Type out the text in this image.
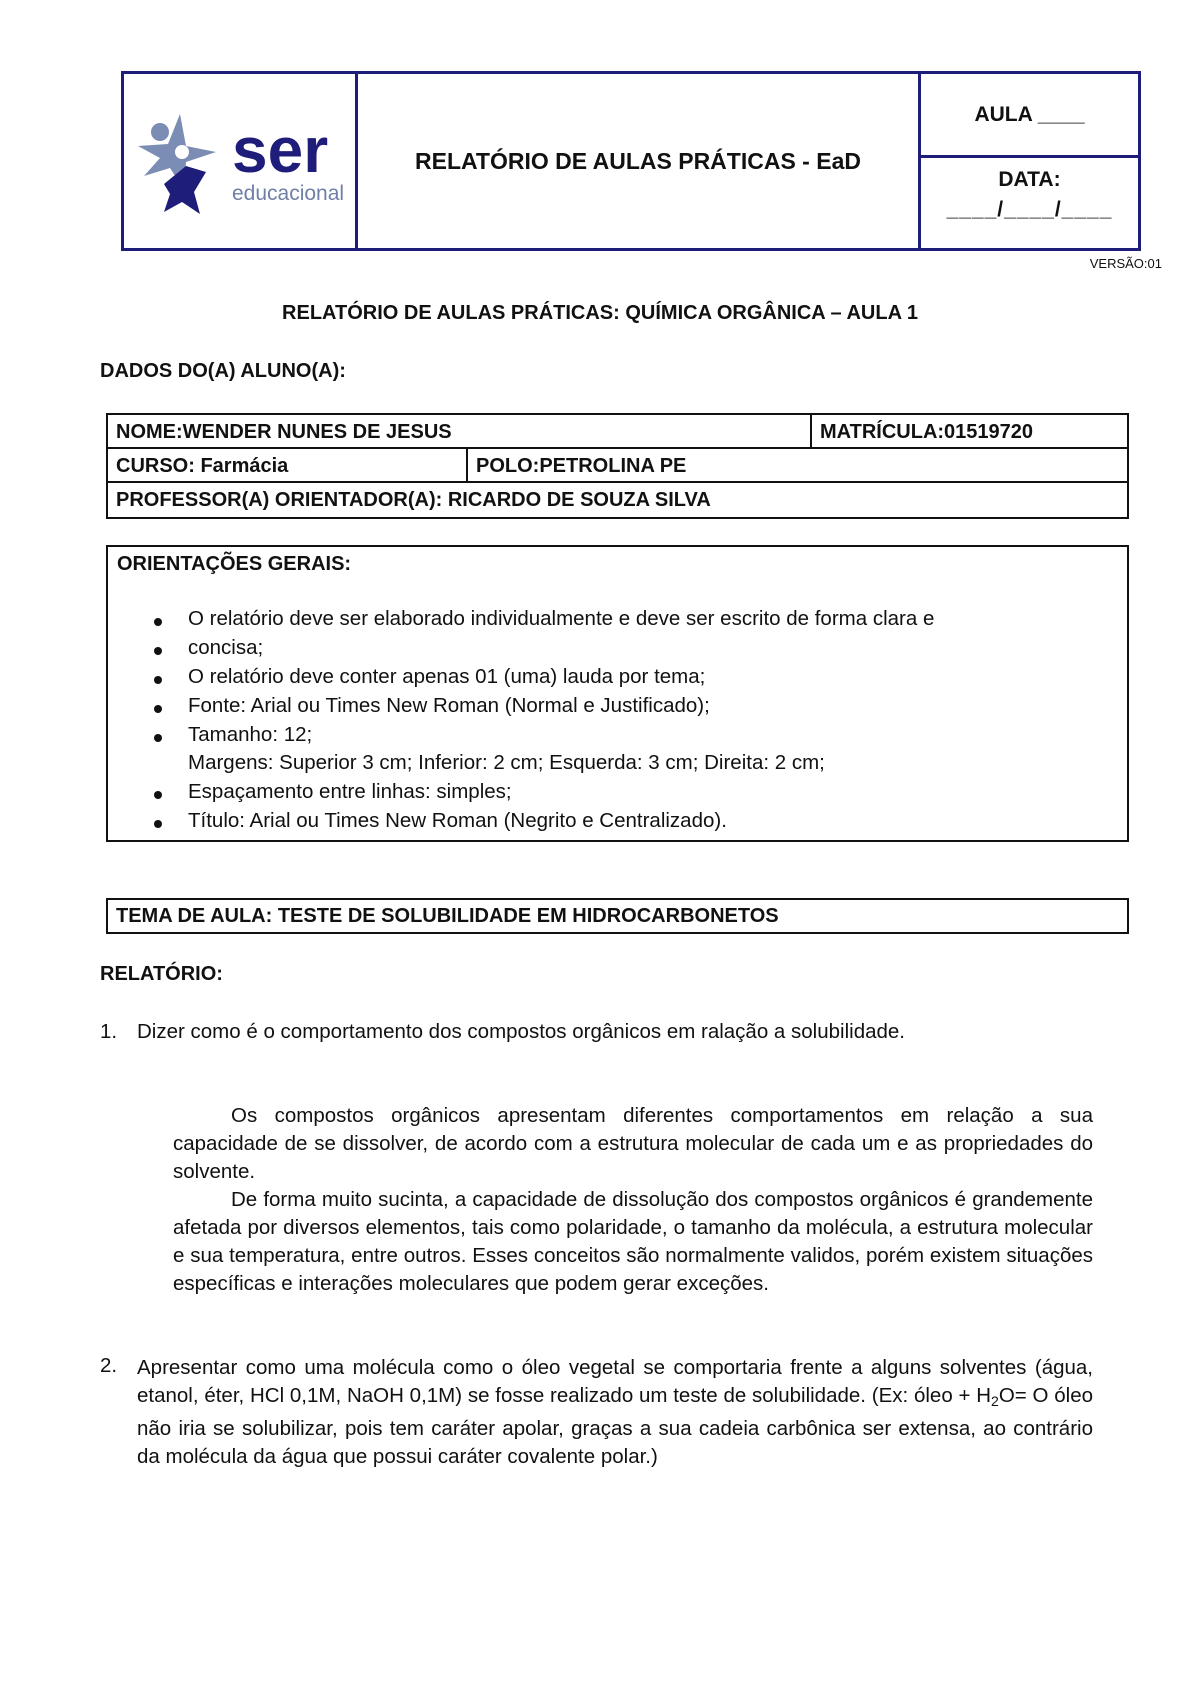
ser
educacional
RELATÓRIO DE AULAS PRÁTICAS - EaD
AULA ____
DATA:
____/____/____
VERSÃO:01
RELATÓRIO DE AULAS PRÁTICAS: QUÍMICA ORGÂNICA – AULA 1
DADOS DO(A) ALUNO(A):
NOME:WENDER NUNES DE JESUS	MATRÍCULA:01519720
CURSO: Farmácia	POLO:PETROLINA PE
PROFESSOR(A) ORIENTADOR(A): RICARDO DE SOUZA SILVA
ORIENTAÇÕES GERAIS:
O relatório deve ser elaborado individualmente e deve ser escrito de forma clara e
concisa;
O relatório deve conter apenas 01 (uma) lauda por tema;
Fonte: Arial ou Times New Roman (Normal e Justificado);
Tamanho: 12;
Margens: Superior 3 cm; Inferior: 2 cm; Esquerda: 3 cm; Direita: 2 cm;
Espaçamento entre linhas: simples;
Título: Arial ou Times New Roman (Negrito e Centralizado).
TEMA DE AULA: TESTE DE SOLUBILIDADE EM HIDROCARBONETOS
RELATÓRIO:
1. Dizer como é o comportamento dos compostos orgânicos em ralação a solubilidade.

Os compostos orgânicos apresentam diferentes comportamentos em relação a sua capacidade de se dissolver, de acordo com a estrutura molecular de cada um e as propriedades do solvente.

De forma muito sucinta, a capacidade de dissolução dos compostos orgânicos é grandemente afetada por diversos elementos, tais como polaridade, o tamanho da molécula, a estrutura molecular e sua temperatura, entre outros. Esses conceitos são normalmente validos, porém existem situações específicas e interações moleculares que podem gerar exceções.

2. Apresentar como uma molécula como o óleo vegetal se comportaria frente a alguns solventes (água, etanol, éter, HCl 0,1M, NaOH 0,1M) se fosse realizado um teste de solubilidade. (Ex: óleo + $H_2O= O$ óleo não iria se solubilizar, pois tem caráter apolar, graças a sua cadeia carbônica ser extensa, ao contrário da molécula da água que possui caráter covalente polar.)
